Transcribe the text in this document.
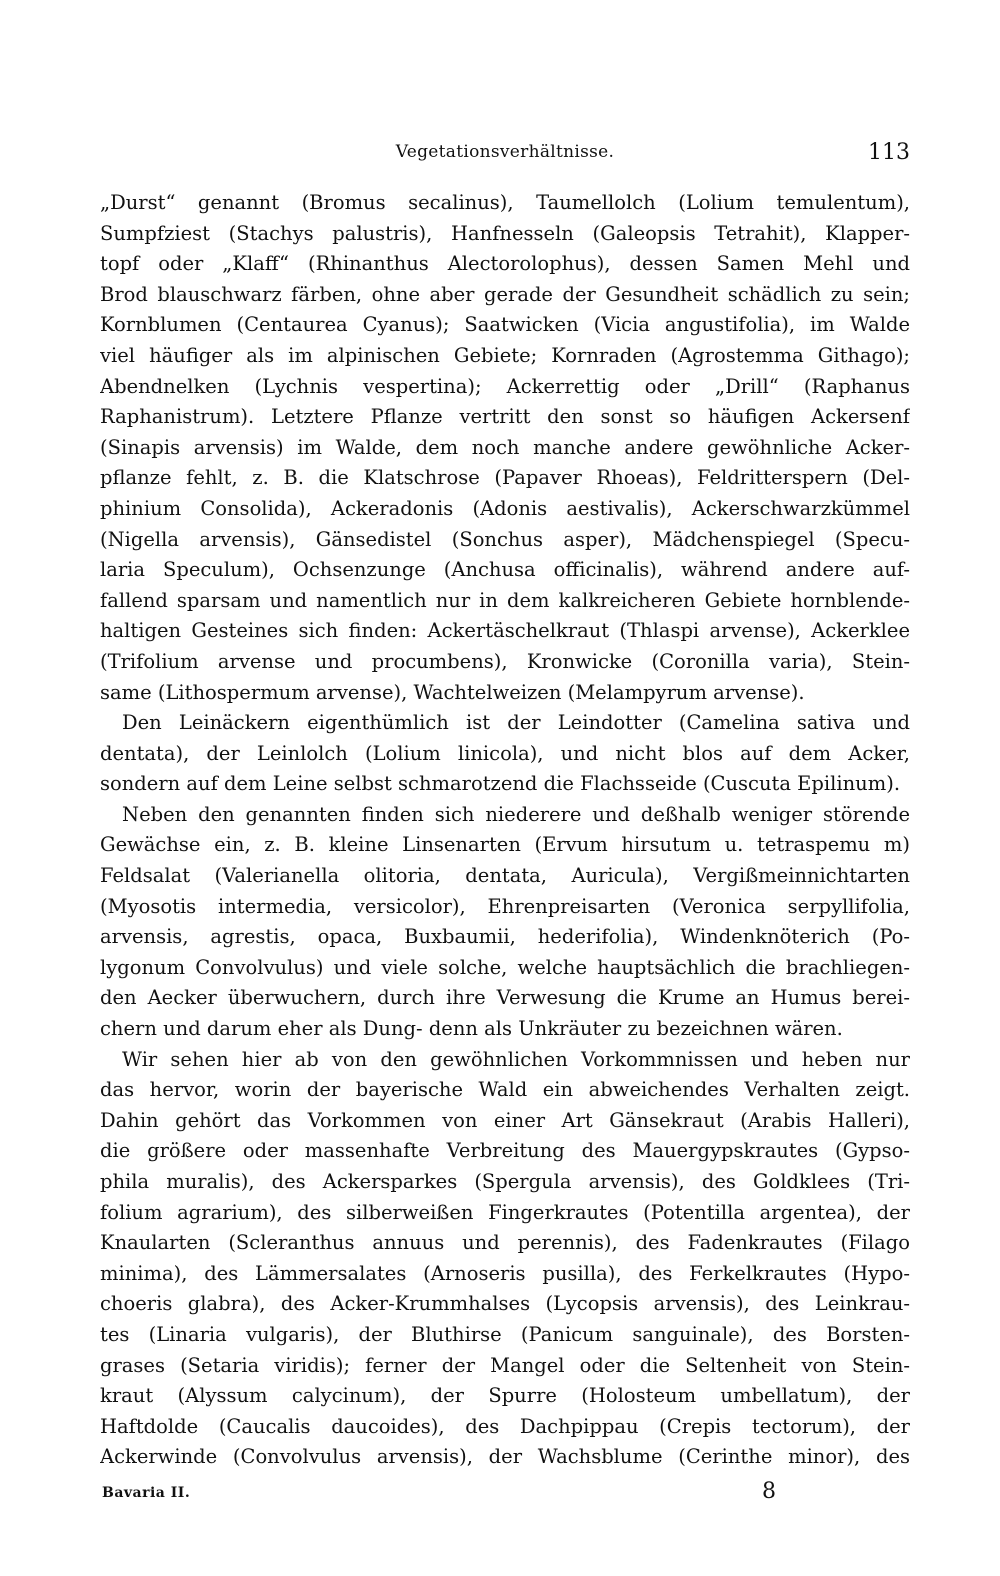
Vegetationsverhältnisse.	113
„Durst“ genannt (Bromus secalinus), Taumellolch (Lolium temulentum),
Sumpfziest (Stachys palustris), Hanfnesseln (Galeopsis Tetrahit), Klapper-
topf oder „Klaff“ (Rhinanthus Alectorolophus), dessen Samen Mehl und
Brod blauschwarz färben, ohne aber gerade der Gesundheit schädlich zu sein;
Kornblumen (Centaurea Cyanus); Saatwicken (Vicia angustifolia), im Walde
viel häufiger als im alpinischen Gebiete; Kornraden (Agrostemma Githago);
Abendnelken (Lychnis vespertina); Ackerrettig oder „Drill“ (Raphanus
Raphanistrum). Letztere Pflanze vertritt den sonst so häufigen Ackersenf
(Sinapis arvensis) im Walde, dem noch manche andere gewöhnliche Acker-
pflanze fehlt, z. B. die Klatschrose (Papaver Rhoeas), Feldritterspern (Del-
phinium Consolida), Ackeradonis (Adonis aestivalis), Ackerschwarzkümmel
(Nigella arvensis), Gänsedistel (Sonchus asper), Mädchenspiegel (Specu-
laria Speculum), Ochsenzunge (Anchusa officinalis), während andere auf-
fallend sparsam und namentlich nur in dem kalkreicheren Gebiete hornblende-
haltigen Gesteines sich finden: Ackertäschelkraut (Thlaspi arvense), Ackerklee
(Trifolium arvense und procumbens), Kronwicke (Coronilla varia), Stein-
same (Lithospermum arvense), Wachtelweizen (Melampyrum arvense).
Den Leinäckern eigenthümlich ist der Leindotter (Camelina sativa und
dentata), der Leinlolch (Lolium linicola), und nicht blos auf dem Acker,
sondern auf dem Leine selbst schmarotzend die Flachsseide (Cuscuta Epilinum).
Neben den genannten finden sich niederere und deßhalb weniger störende
Gewächse ein, z. B. kleine Linsenarten (Ervum hirsutum u. tetraspemu m)
Feldsalat (Valerianella olitoria, dentata, Auricula), Vergißmeinnichtarten
(Myosotis intermedia, versicolor), Ehrenpreisarten (Veronica serpyllifolia,
arvensis, agrestis, opaca, Buxbaumii, hederifolia), Windenknöterich (Po-
lygonum Convolvulus) und viele solche, welche hauptsächlich die brachliegen-
den Aecker überwuchern, durch ihre Verwesung die Krume an Humus berei-
chern und darum eher als Dung- denn als Unkräuter zu bezeichnen wären.
Wir sehen hier ab von den gewöhnlichen Vorkommnissen und heben nur
das hervor, worin der bayerische Wald ein abweichendes Verhalten zeigt.
Dahin gehört das Vorkommen von einer Art Gänsekraut (Arabis Halleri),
die größere oder massenhafte Verbreitung des Mauergypskrautes (Gypso-
phila muralis), des Ackersparkes (Spergula arvensis), des Goldklees (Tri-
folium agrarium), des silberweißen Fingerkrautes (Potentilla argentea), der
Knaularten (Scleranthus annuus und perennis), des Fadenkrautes (Filago
minima), des Lämmersalates (Arnoseris pusilla), des Ferkelkrautes (Hypo-
choeris glabra), des Acker-Krummhalses (Lycopsis arvensis), des Leinkrau-
tes (Linaria vulgaris), der Bluthirse (Panicum sanguinale), des Borsten-
grases (Setaria viridis); ferner der Mangel oder die Seltenheit von Stein-
kraut (Alyssum calycinum), der Spurre (Holosteum umbellatum), der
Haftdolde (Caucalis daucoides), des Dachpippau (Crepis tectorum), der
Ackerwinde (Convolvulus arvensis), der Wachsblume (Cerinthe minor), des
Bavaria II.	8
